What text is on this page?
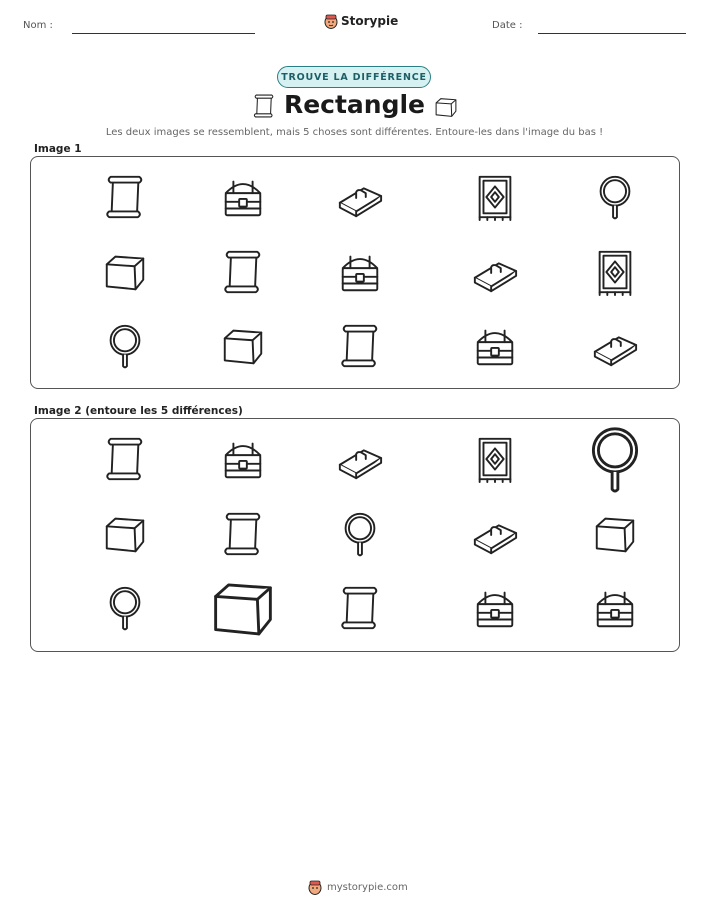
Nom :	Storypie	Date :
TROUVE LA DIFFÉRENCE
Rectangle
Les deux images se ressemblent, mais 5 choses sont différentes. Entoure-les dans l'image du bas !
Image 1
Image 2 (entoure les 5 différences)
mystorypie.com
